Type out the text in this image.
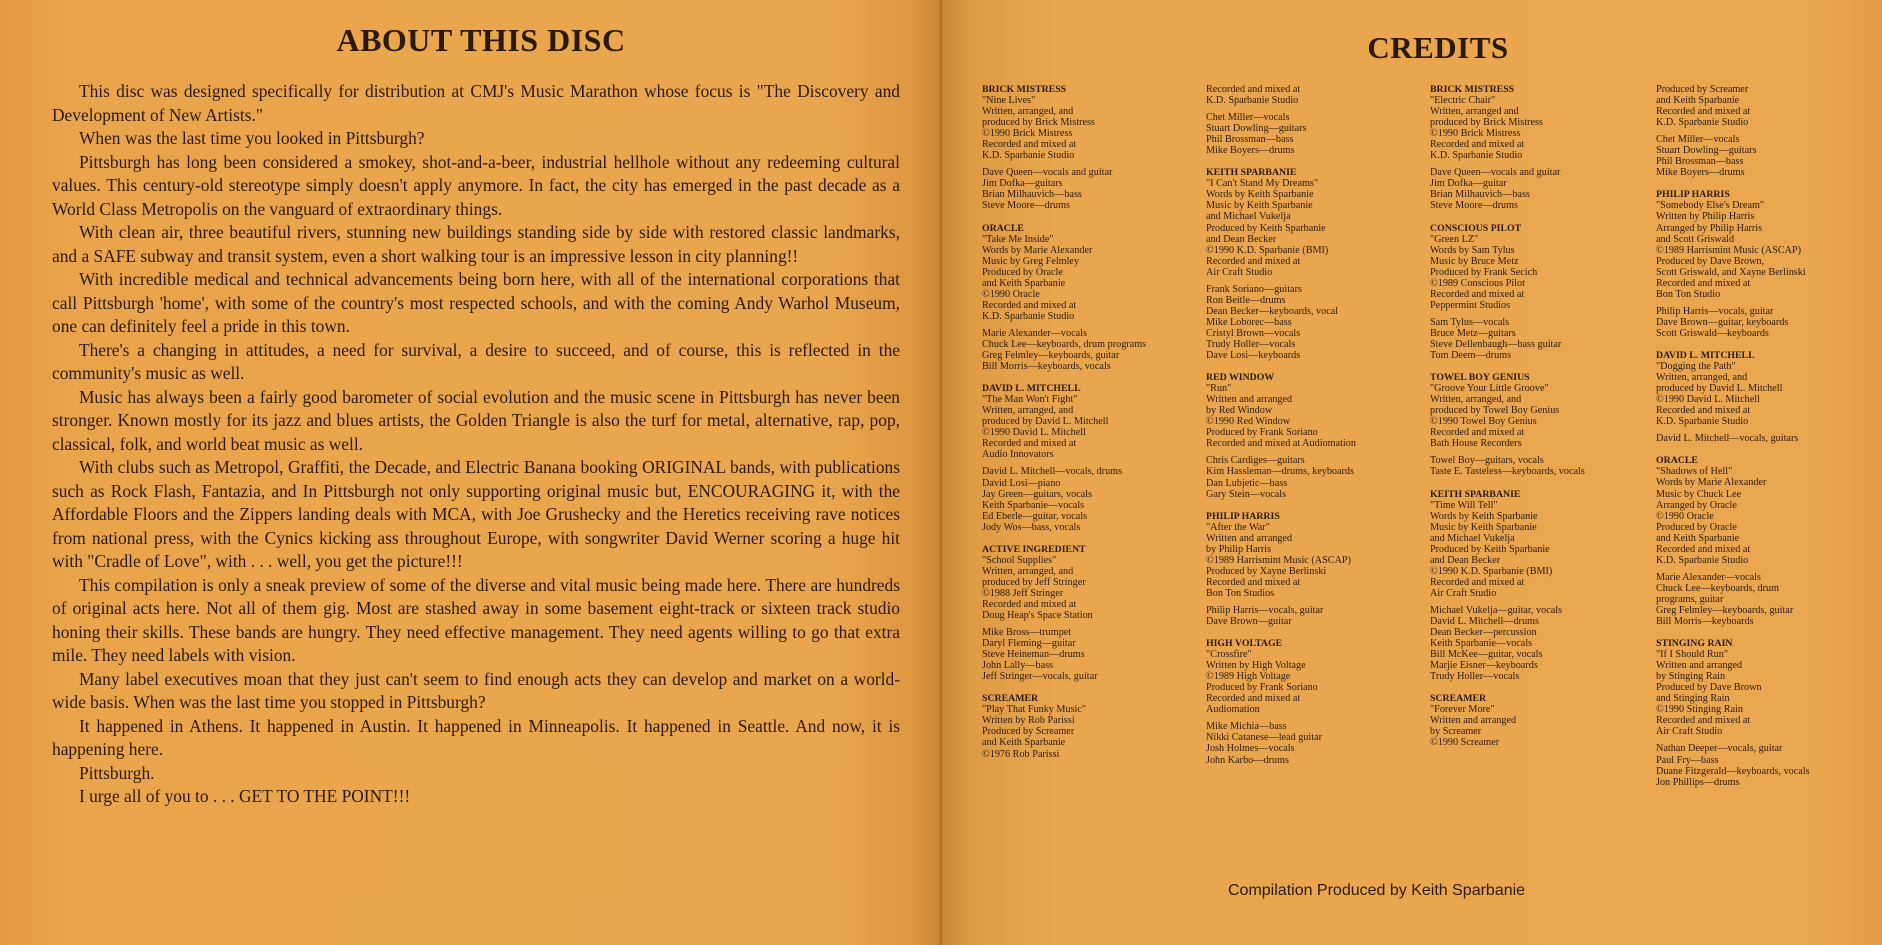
ABOUT THIS DISC

This disc was designed specifically for distribution at CMJ's Music Marathon whose focus is "The Discovery and Development of New Artists."

When was the last time you looked in Pittsburgh?

Pittsburgh has long been considered a smokey, shot-and-a-beer, industrial hellhole without any redeeming cultural values. This century-old stereotype simply doesn't apply anymore. In fact, the city has emerged in the past decade as a World Class Metropolis on the vanguard of extraordinary things.

With clean air, three beautiful rivers, stunning new buildings standing side by side with restored classic landmarks, and a SAFE subway and transit system, even a short walking tour is an impressive lesson in city planning!!

With incredible medical and technical advancements being born here, with all of the international corporations that call Pittsburgh 'home', with some of the country's most respected schools, and with the coming Andy Warhol Museum, one can definitely feel a pride in this town.

There's a changing in attitudes, a need for survival, a desire to succeed, and of course, this is reflected in the community's music as well.

Music has always been a fairly good barometer of social evolution and the music scene in Pittsburgh has never been stronger. Known mostly for its jazz and blues artists, the Golden Triangle is also the turf for metal, alternative, rap, pop, classical, folk, and world beat music as well.

With clubs such as Metropol, Graffiti, the Decade, and Electric Banana booking ORIGINAL bands, with publications such as Rock Flash, Fantazia, and In Pittsburgh not only supporting original music but, ENCOURAGING it, with the Affordable Floors and the Zippers landing deals with MCA, with Joe Grushecky and the Heretics receiving rave notices from national press, with the Cynics kicking ass throughout Europe, with songwriter David Werner scoring a huge hit with "Cradle of Love", with . . . well, you get the picture!!!

This compilation is only a sneak preview of some of the diverse and vital music being made here. There are hundreds of original acts here. Not all of them gig. Most are stashed away in some basement eight-track or sixteen track studio honing their skills. These bands are hungry. They need effective management. They need agents willing to go that extra mile. They need labels with vision.

Many label executives moan that they just can't seem to find enough acts they can develop and market on a world-wide basis. When was the last time you stopped in Pittsburgh?

It happened in Athens. It happened in Austin. It happened in Minneapolis. It happened in Seattle. And now, it is happening here.

Pittsburgh.

I urge all of you to . . . GET TO THE POINT!!!

CREDITS
BRICK MISTRESS
"Nine Lives"
Written, arranged, and
produced by Brick Mistress
©1990 Brick Mistress
Recorded and mixed at
K.D. Sparbanie Studio
Dave Queen—vocals and guitar
Jim Dofka—guitars
Brian Milhauvich—bass
Steve Moore—drums
ORACLE
"Take Me Inside"
Words by Marie Alexander
Music by Greg Felmley
Produced by Oracle
and Keith Sparbanie
©1990 Oracle
Recorded and mixed at
K.D. Sparbanie Studio
Marie Alexander—vocals
Chuck Lee—keyboards, drum programs
Greg Felmley—keyboards, guitar
Bill Morris—keyboards, vocals
DAVID L. MITCHELL
"The Man Won't Fight"
Written, arranged, and
produced by David L. Mitchell
©1990 David L. Mitchell
Recorded and mixed at
Audio Innovators
David L. Mitchell—vocals, drums
David Losi—piano
Jay Green—guitars, vocals
Keith Sparbanie—vocals
Ed Eberle—guitar, vocals
Jody Wos—bass, vocals
ACTIVE INGREDIENT
"School Supplies"
Written, arranged, and
produced by Jeff Stringer
©1988 Jeff Stringer
Recorded and mixed at
Doug Heap's Space Station
Mike Bross—trumpet
Daryl Fleming—guitar
Steve Heineman—drums
John Lally—bass
Jeff Stringer—vocals, guitar
SCREAMER
"Play That Funky Music"
Written by Rob Parissi
Produced by Screamer
and Keith Sparbanie
©1976 Rob Parissi
Recorded and mixed at
K.D. Sparbanie Studio
Chet Miller—vocals
Stuart Dowling—guitars
Phil Brossman—bass
Mike Boyers—drums
KEITH SPARBANIE
"I Can't Stand My Dreams"
Words by Keith Sparbanie
Music by Keith Sparbanie
and Michael Vukelja
Produced by Keith Sparbanie
and Dean Becker
©1990 K.D. Sparbanie (BMI)
Recorded and mixed at
Air Craft Studio
Frank Soriano—guitars
Ron Beitle—drums
Dean Becker—keyboards, vocal
Mike Loborec—bass
Cristyl Brown—vocals
Trudy Holler—vocals
Dave Losi—keyboards
RED WINDOW
"Run"
Written and arranged
by Red Window
©1990 Red Window
Produced by Frank Soriano
Recorded and mixed at Audiomation
Chris Cardiges—guitars
Kim Hassleman—drums, keyboards
Dan Lubjetic—bass
Gary Stein—vocals
PHILIP HARRIS
"After the War"
Written and arranged
by Philip Harris
©1989 Harrismint Music (ASCAP)
Produced by Xayne Berlinski
Recorded and mixed at
Bon Ton Studios
Philip Harris—vocals, guitar
Dave Brown—guitar
HIGH VOLTAGE
"Crossfire"
Written by High Voltage
©1989 High Voltage
Produced by Frank Soriano
Recorded and mixed at
Audiomation
Mike Michia—bass
Nikki Catanese—lead guitar
Josh Holmes—vocals
John Karbo—drums
BRICK MISTRESS
"Electric Chair"
Written, arranged and
produced by Brick Mistress
©1990 Brick Mistress
Recorded and mixed at
K.D. Sparbanie Studio
Dave Queen—vocals and guitar
Jim Dofka—guitar
Brian Milhauvich—bass
Steve Moore—drums
CONSCIOUS PILOT
"Green LZ"
Words by Sam Tylus
Music by Bruce Metz
Produced by Frank Secich
©1989 Conscious Pilot
Recorded and mixed at
Peppermint Studios
Sam Tylus—vocals
Bruce Metz—guitars
Steve Dellenbaugh—bass guitar
Tom Deem—drums
TOWEL BOY GENIUS
"Groove Your Little Groove"
Written, arranged, and
produced by Towel Boy Genius
©1990 Towel Boy Genius
Recorded and mixed at
Bath House Recorders
Towel Boy—guitars, vocals
Taste E. Tasteless—keyboards, vocals
KEITH SPARBANIE
"Time Will Tell"
Words by Keith Sparbanie
Music by Keith Sparbanie
and Michael Vukelja
Produced by Keith Sparbanie
and Dean Becker
©1990 K.D. Sparbanie (BMI)
Recorded and mixed at
Air Craft Studio
Michael Vukelja—guitar, vocals
David L. Mitchell—drums
Dean Becker—percussion
Keith Sparbanie—vocals
Bill McKee—guitar, vocals
Marjie Eisner—keyboards
Trudy Holler—vocals
SCREAMER
"Forever More"
Written and arranged
by Screamer
©1990 Screamer
Produced by Screamer
and Keith Sparbanie
Recorded and mixed at
K.D. Sparbanie Studio
Chet Miller—vocals
Stuart Dowling—guitars
Phil Brossman—bass
Mike Boyers—drums
PHILIP HARRIS
"Somebody Else's Dream"
Written by Philip Harris
Arranged by Philip Harris
and Scott Griswald
©1989 Harrismint Music (ASCAP)
Produced by Dave Brown,
Scott Griswald, and Xayne Berlinski
Recorded and mixed at
Bon Ton Studio
Philip Harris—vocals, guitar
Dave Brown—guitar, keyboards
Scott Griswald—keyboards
DAVID L. MITCHELL
"Dogging the Path"
Written, arranged, and
produced by David L. Mitchell
©1990 David L. Mitchell
Recorded and mixed at
K.D. Sparbanie Studio
David L. Mitchell—vocals, guitars
ORACLE
"Shadows of Hell"
Words by Marie Alexander
Music by Chuck Lee
Arranged by Oracle
©1990 Oracle
Produced by Oracle
and Keith Sparbanie
Recorded and mixed at
K.D. Sparbanie Studio
Marie Alexander—vocals
Chuck Lee—keyboards, drum
programs, guitar
Greg Felmley—keyboards, guitar
Bill Morris—keyboards
STINGING RAIN
"If I Should Run"
Written and arranged
by Stinging Rain
Produced by Dave Brown
and Stinging Rain
©1990 Stinging Rain
Recorded and mixed at
Air Craft Studio
Nathan Deeper—vocals, guitar
Paul Fry—bass
Duane Fitzgerald—keyboards, vocals
Jon Phillips—drums
Compilation Produced by Keith Sparbanie
